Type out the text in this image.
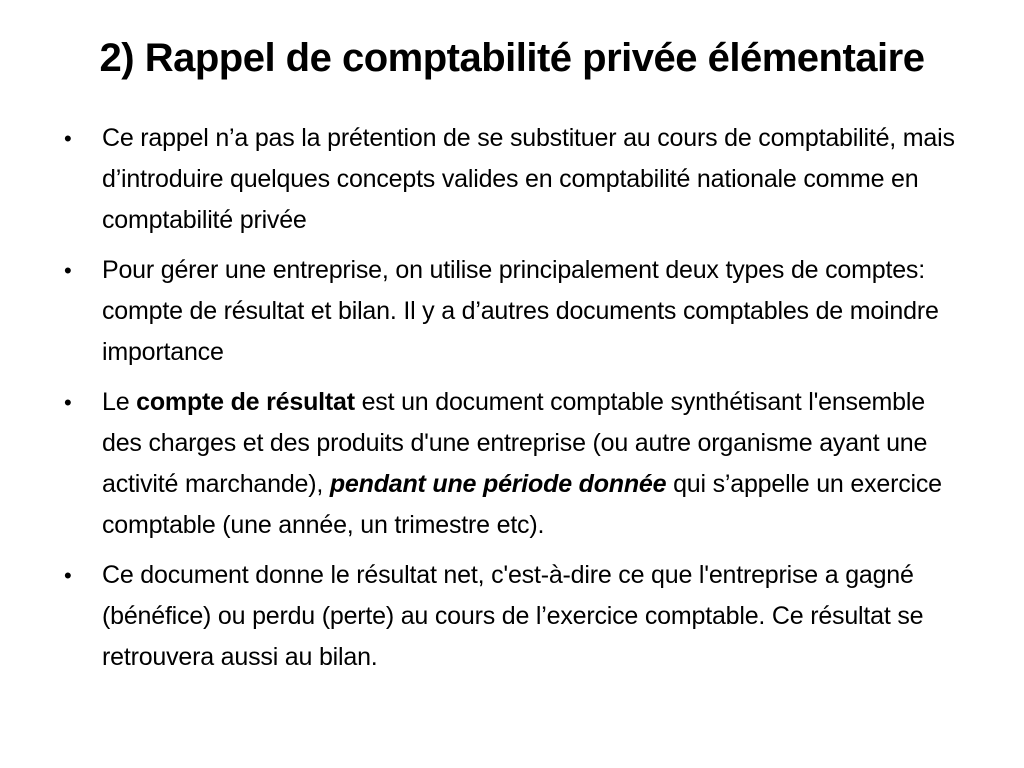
2) Rappel de comptabilité privée élémentaire
• Ce rappel n’a pas la prétention de se substituer au cours de comptabilité, mais d’introduire quelques concepts valides en comptabilité nationale comme en comptabilité privée
• Pour gérer une entreprise, on utilise principalement deux types de comptes: compte de résultat et bilan. Il y a d’autres documents comptables de moindre importance
• Le compte de résultat est un document comptable synthétisant l'ensemble des charges et des produits d'une entreprise (ou autre organisme ayant une activité marchande), pendant une période donnée qui s’appelle un exercice comptable (une année, un trimestre etc).
• Ce document donne le résultat net, c'est-à-dire ce que l'entreprise a gagné (bénéfice) ou perdu (perte) au cours de l’exercice comptable. Ce résultat se retrouvera aussi au bilan.
